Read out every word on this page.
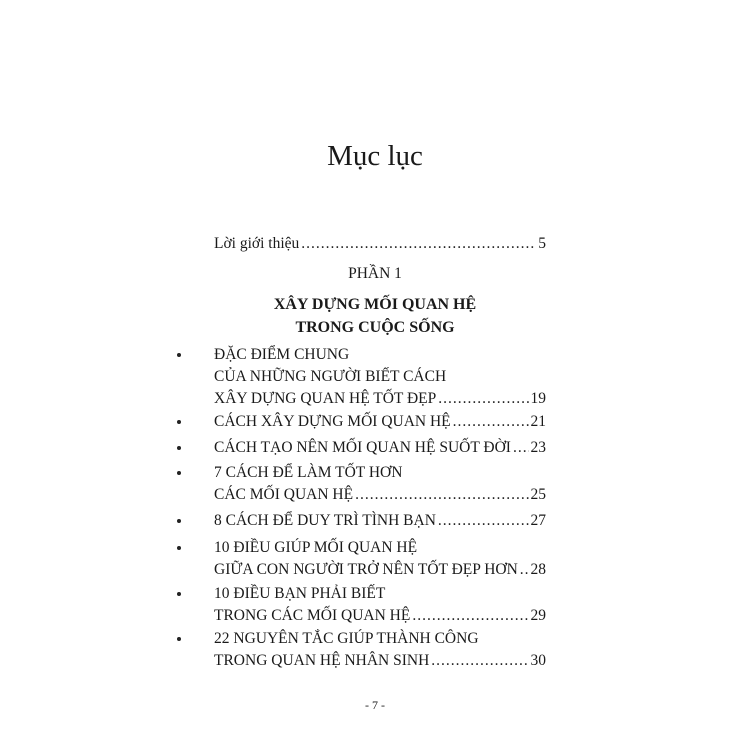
Mục lục
Lời giới thiệu .....	5
PHẦN 1
XÂY DỰNG MỐI QUAN HỆ
TRONG CUỘC SỐNG
ĐẶC ĐIỂM CHUNG
CỦA NHỮNG NGƯỜI BIẾT CÁCH
XÂY DỰNG QUAN HỆ TỐT ĐẸP .....	19
CÁCH XÂY DỰNG MỐI QUAN HỆ .....	21
CÁCH TẠO NÊN MỐI QUAN HỆ SUỐT ĐỜI ..... 23
7 CÁCH ĐỂ LÀM TỐT HƠN
CÁC MỐI QUAN HỆ .....	25
8 CÁCH ĐỂ DUY TRÌ TÌNH BẠN .....	27
10 ĐIỀU GIÚP MỐI QUAN HỆ
GIỮA CON NGƯỜI TRỞ NÊN TỐT ĐẸP HƠN ..... 28
10 ĐIỀU BẠN PHẢI BIẾT
TRONG CÁC MỐI QUAN HỆ .....	29
22 NGUYÊN TẮC GIÚP THÀNH CÔNG
TRONG QUAN HỆ NHÂN SINH .....	30
- 7 -
